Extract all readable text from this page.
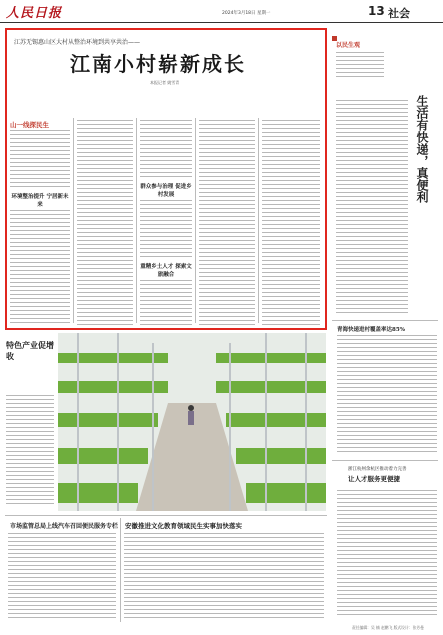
人民日报	2024年3月18日 星期一	13 社会
江苏无锡惠山区大村从整治环境到共享共治——
江南小村崭新成长
本报记者 姚雪青
山一线探民生
环境整治提升 宁居新未来
群众参与治理 促进乡村发展
重精乡土人才 探索文旅融合
特色产业促增收
以民生观
生活有快递，真便利
青海快递进村覆盖率达85%
浙江杭州余杭区推动着力完善
让人才服务更便捷
市场监管总局上线汽车召回便民服务专栏 安徽推进文化教育领域民生实事加快落实
责任编辑：吴 楠 赵鹏飞 版式设计：张芳曼
